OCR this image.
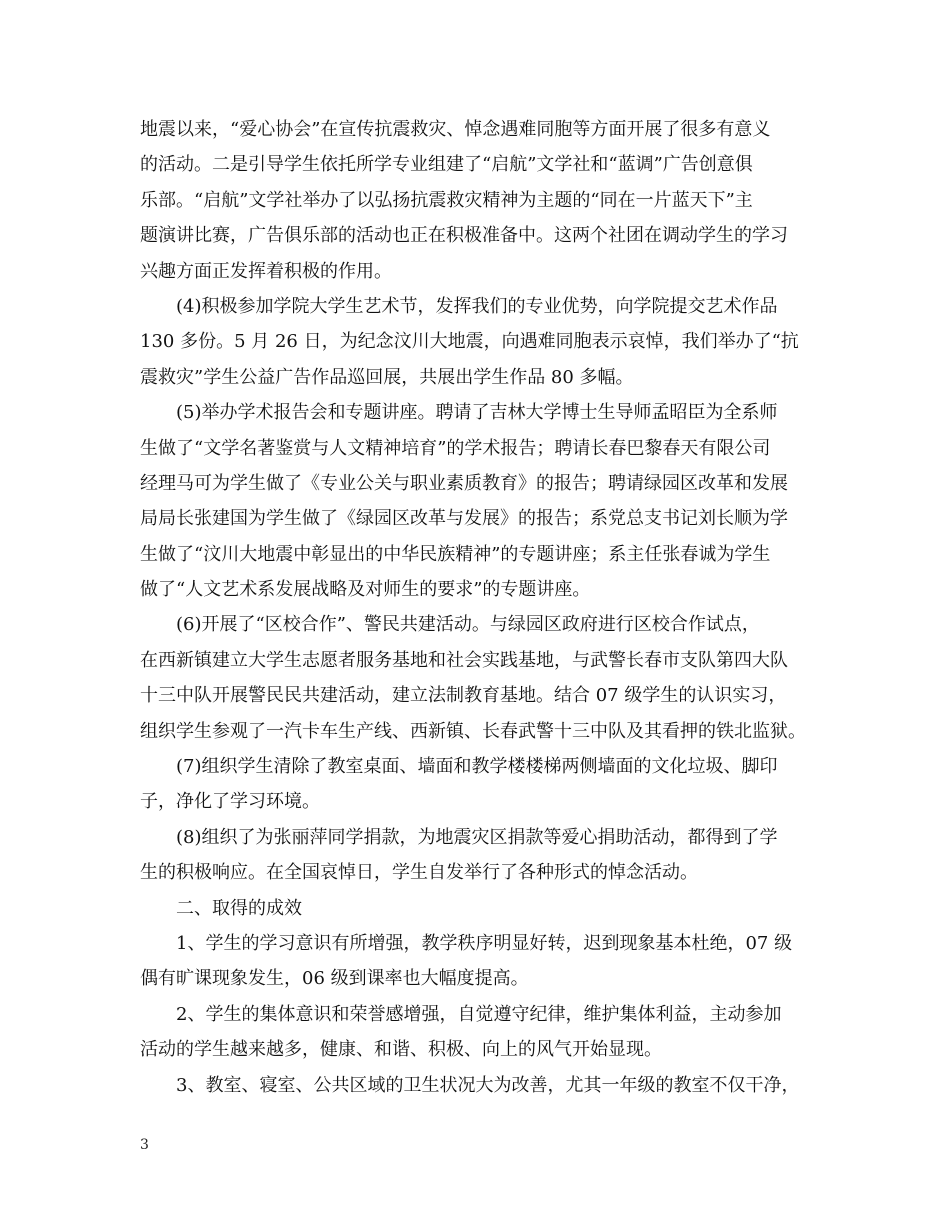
地震以来，“爱心协会”在宣传抗震救灾、悼念遇难同胞等方面开展了很多有意义
的活动。二是引导学生依托所学专业组建了“启航”文学社和“蓝调”广告创意俱
乐部。“启航”文学社举办了以弘扬抗震救灾精神为主题的“同在一片蓝天下”主
题演讲比赛，广告俱乐部的活动也正在积极准备中。这两个社团在调动学生的学习
兴趣方面正发挥着积极的作用。
(4)积极参加学院大学生艺术节，发挥我们的专业优势，向学院提交艺术作品
130 多份。5 月 26 日，为纪念汶川大地震，向遇难同胞表示哀悼，我们举办了“抗
震救灾”学生公益广告作品巡回展，共展出学生作品 80 多幅。
(5)举办学术报告会和专题讲座。聘请了吉林大学博士生导师孟昭臣为全系师
生做了“文学名著鉴赏与人文精神培育”的学术报告；聘请长春巴黎春天有限公司
经理马可为学生做了《专业公关与职业素质教育》的报告；聘请绿园区改革和发展
局局长张建国为学生做了《绿园区改革与发展》的报告；系党总支书记刘长顺为学
生做了“汶川大地震中彰显出的中华民族精神”的专题讲座；系主任张春诚为学生
做了“人文艺术系发展战略及对师生的要求”的专题讲座。
(6)开展了“区校合作”、警民共建活动。与绿园区政府进行区校合作试点，
在西新镇建立大学生志愿者服务基地和社会实践基地，与武警长春市支队第四大队
十三中队开展警民民共建活动，建立法制教育基地。结合 07 级学生的认识实习，
组织学生参观了一汽卡车生产线、西新镇、长春武警十三中队及其看押的铁北监狱。
(7)组织学生清除了教室桌面、墙面和教学楼楼梯两侧墙面的文化垃圾、脚印
子，净化了学习环境。
(8)组织了为张丽萍同学捐款，为地震灾区捐款等爱心捐助活动，都得到了学
生的积极响应。在全国哀悼日，学生自发举行了各种形式的悼念活动。
二、取得的成效
1、学生的学习意识有所增强，教学秩序明显好转，迟到现象基本杜绝，07 级
偶有旷课现象发生，06 级到课率也大幅度提高。
2、学生的集体意识和荣誉感增强，自觉遵守纪律，维护集体利益，主动参加
活动的学生越来越多，健康、和谐、积极、向上的风气开始显现。
3、教室、寝室、公共区域的卫生状况大为改善，尤其一年级的教室不仅干净，
3
